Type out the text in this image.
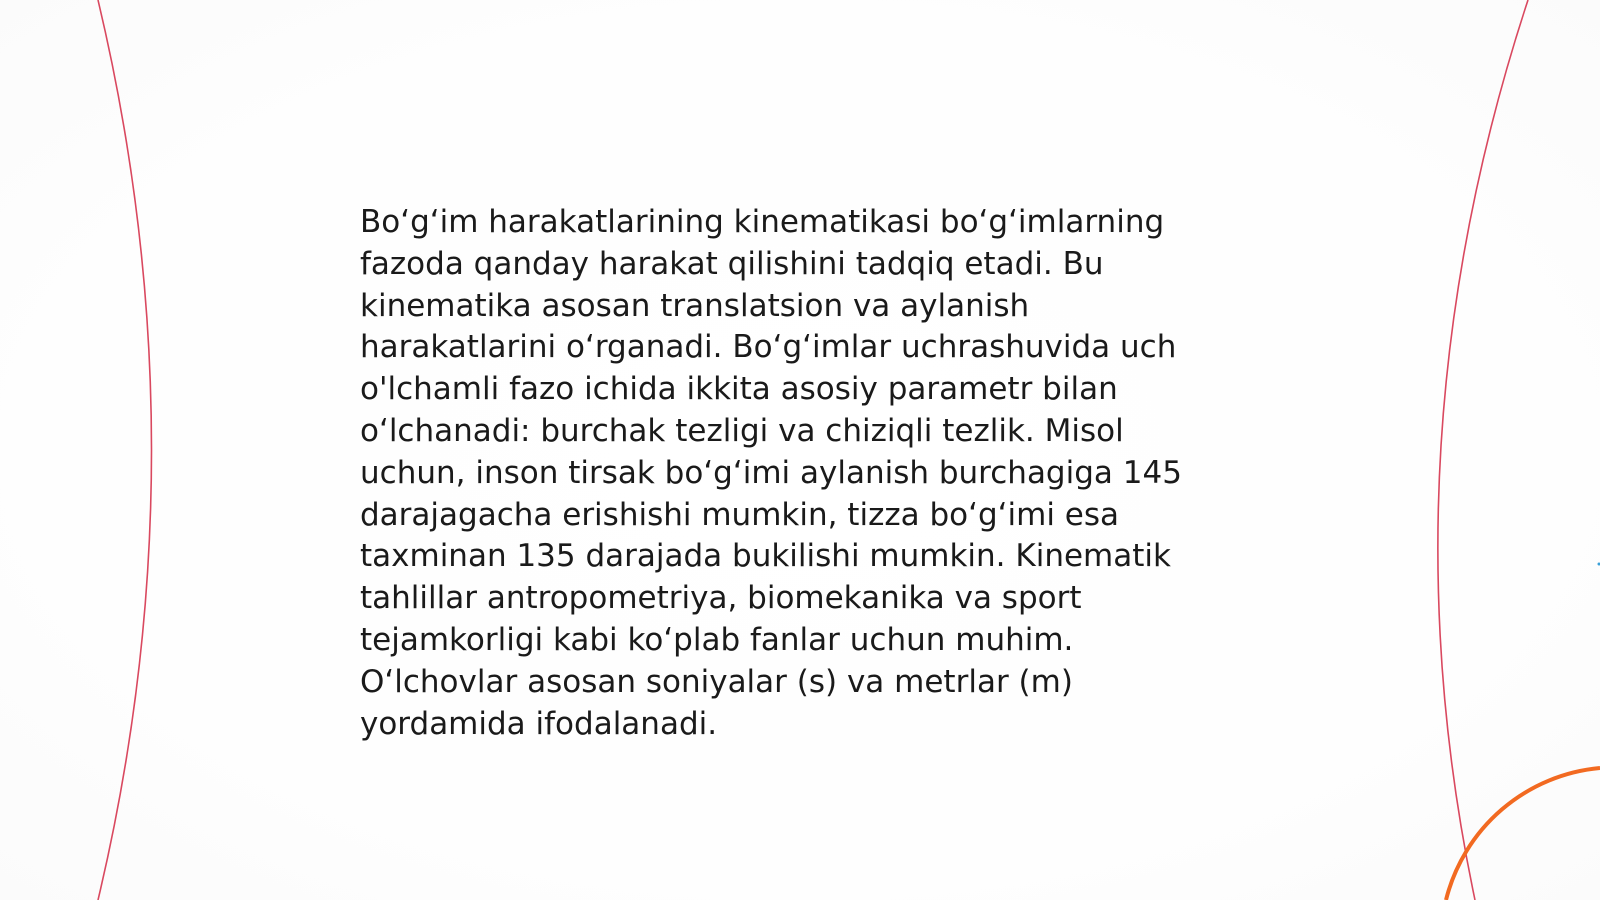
Bo‘g‘im harakatlarining kinematikasi bo‘g‘imlarning fazoda qanday harakat qilishini tadqiq etadi. Bu kinematika asosan translatsion va aylanish harakatlarini o‘rganadi. Bo‘g‘imlar uchrashuvida uch o'lchamli fazo ichida ikkita asosiy parametr bilan o‘lchanadi: burchak tezligi va chiziqli tezlik. Misol uchun, inson tirsak bo‘g‘imi aylanish burchagiga 145 darajagacha erishishi mumkin, tizza bo‘g‘imi esa taxminan 135 darajada bukilishi mumkin. Kinematik tahlillar antropometriya, biomekanika va sport tejamkorligi kabi ko‘plab fanlar uchun muhim. O‘lchovlar asosan soniyalar (s) va metrlar (m) yordamida ifodalanadi.
